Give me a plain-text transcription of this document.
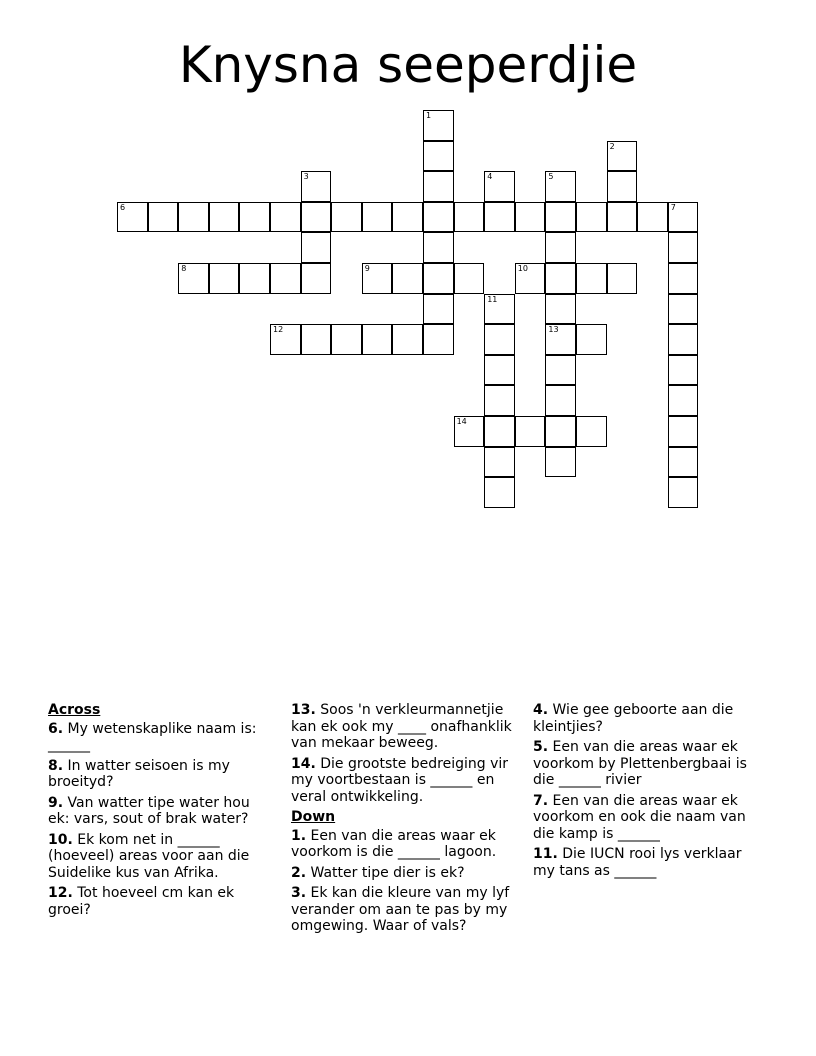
Knysna seeperdjie
1
2
3	4	5
13
6	7
8	9	10
11
12
14
Across
6. My wetenskaplike naam is: ______
8. In watter seisoen is my broeityd?
9. Van watter tipe water hou ek: vars, sout of brak water?
10. Ek kom net in ______ (hoeveel) areas voor aan die Suidelike kus van Afrika.
12. Tot hoeveel cm kan ek groei?
13. Soos 'n verkleurmannetjie kan ek ook my ____ onafhanklik van mekaar beweeg.
14. Die grootste bedreiging vir my voortbestaan is ______ en veral ontwikkeling.
Down
1. Een van die areas waar ek voorkom is die ______ lagoon.
2. Watter tipe dier is ek?
3. Ek kan die kleure van my lyf verander om aan te pas by my omgewing. Waar of vals?
4. Wie gee geboorte aan die kleintjies?
5. Een van die areas waar ek voorkom by Plettenbergbaai is die ______ rivier
7. Een van die areas waar ek voorkom en ook die naam van die kamp is ______
11. Die IUCN rooi lys verklaar my tans as ______
